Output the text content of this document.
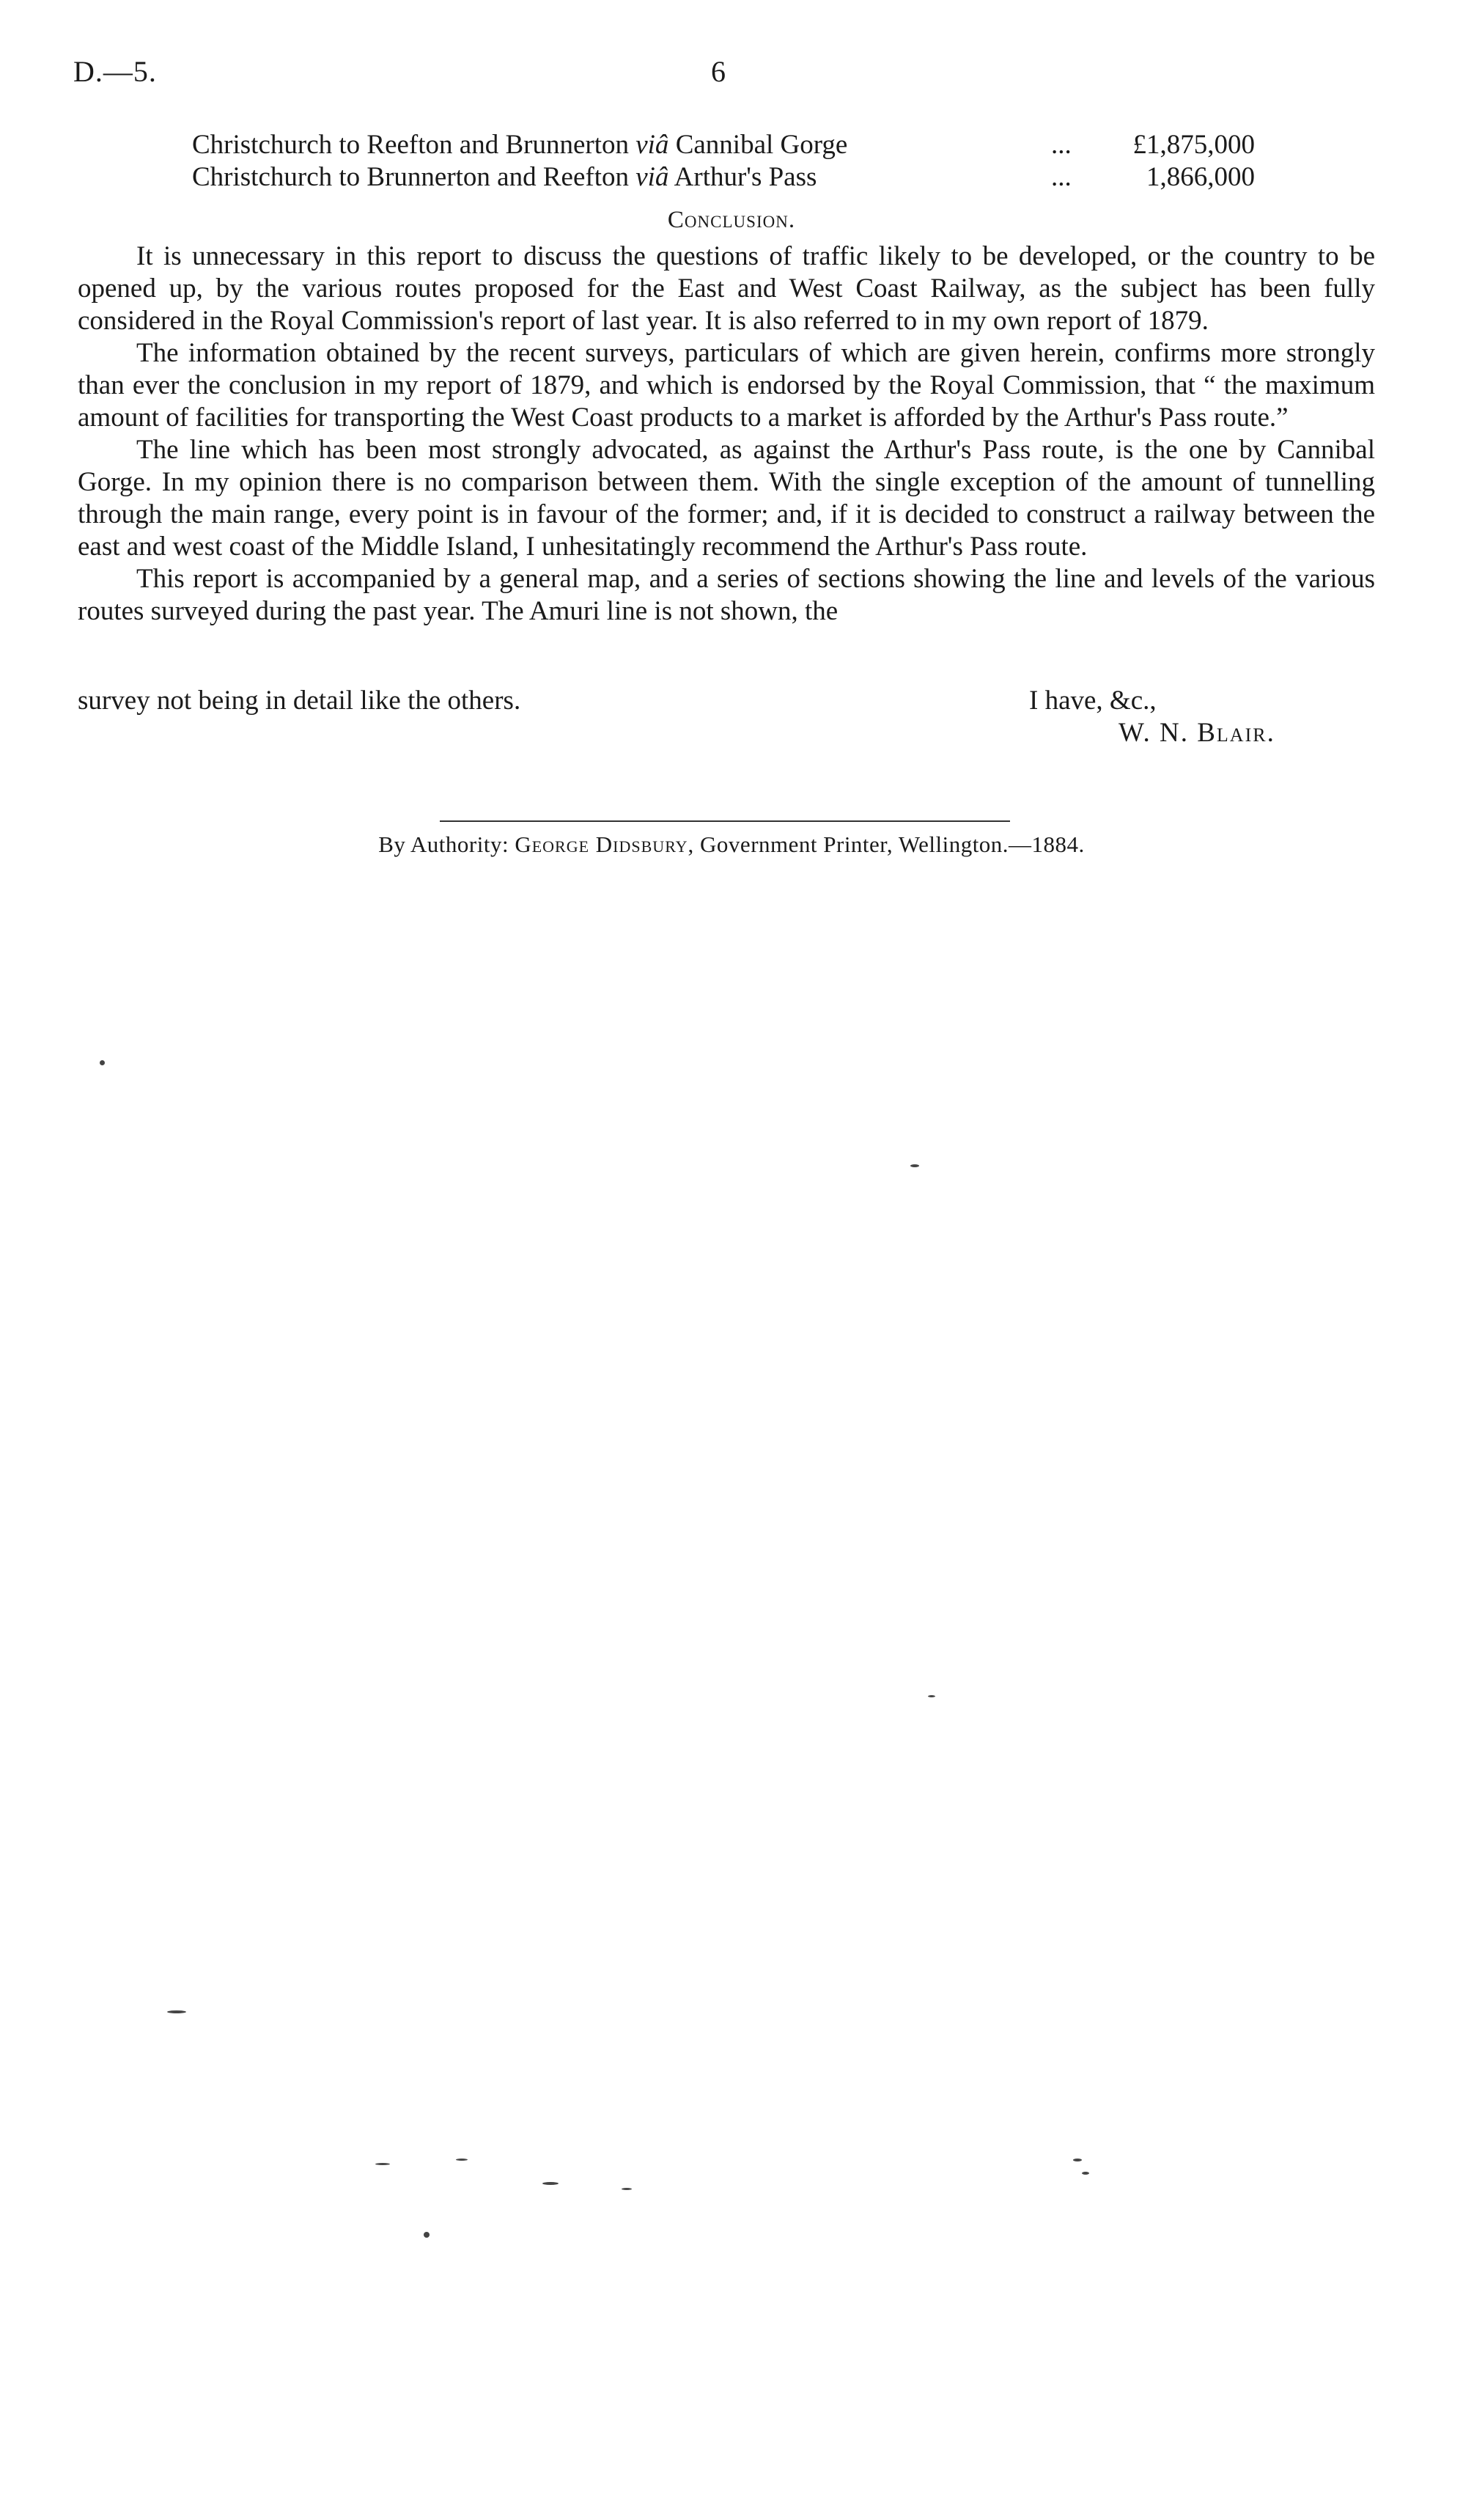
D.—5.	6
Christchurch to Reefton and Brunnerton viâ Cannibal Gorge	... £1,875,000
Christchurch to Brunnerton and Reefton viâ Arthur's Pass	...	1,866,000
Conclusion.

It is unnecessary in this report to discuss the questions of traffic likely to be developed, or the country to be opened up, by the various routes proposed for the East and West Coast Railway, as the subject has been fully considered in the Royal Commission's report of last year. It is also referred to in my own report of 1879.

The information obtained by the recent surveys, particulars of which are given herein, confirms more strongly than ever the conclusion in my report of 1879, and which is endorsed by the Royal Commission, that “ the maximum amount of facilities for transporting the West Coast products to a market is afforded by the Arthur's Pass route.”

The line which has been most strongly advocated, as against the Arthur's Pass route, is the one by Cannibal Gorge. In my opinion there is no comparison between them. With the single exception of the amount of tunnelling through the main range, every point is in favour of the former; and, if it is decided to construct a railway between the east and west coast of the Middle Island, I unhesitatingly recommend the Arthur's Pass route.

This report is accompanied by a general map, and a series of sections showing the line and levels of the various routes surveyed during the past year. The Amuri line is not shown, the

survey not being in detail like the others.	I have, &c.,
W. N. Blair.
By Authority: George Didsbury, Government Printer, Wellington.—1884.
